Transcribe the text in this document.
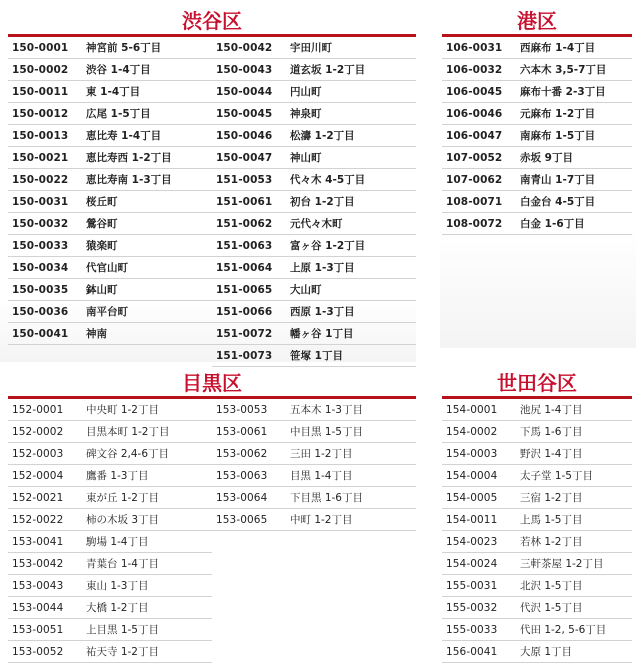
渋谷区
150-0001	神宮前 5-6丁目
150-0002	渋谷 1-4丁目
150-0011	東 1-4丁目
150-0012	広尾 1-5丁目
150-0013	恵比寿 1-4丁目
150-0021	恵比寿西 1-2丁目
150-0022	恵比寿南 1-3丁目
150-0031	桜丘町
150-0032	鶯谷町
150-0033	猿楽町
150-0034	代官山町
150-0035	鉢山町
150-0036	南平台町
150-0041	神南
150-0042	宇田川町
150-0043	道玄坂 1-2丁目
150-0044	円山町
150-0045	神泉町
150-0046	松濤 1-2丁目
150-0047	神山町
151-0053	代々木 4-5丁目
151-0061	初台 1-2丁目
151-0062	元代々木町
151-0063	富ヶ谷 1-2丁目
151-0064	上原 1-3丁目
151-0065	大山町
151-0066	西原 1-3丁目
151-0072	幡ヶ谷 1丁目
151-0073	笹塚 1丁目
港区
106-0031	西麻布 1-4丁目
106-0032	六本木 3,5-7丁目
106-0045	麻布十番 2-3丁目
106-0046	元麻布 1-2丁目
106-0047	南麻布 1-5丁目
107-0052	赤坂 9丁目
107-0062	南青山 1-7丁目
108-0071	白金台 4-5丁目
108-0072	白金 1-6丁目
目黒区
152-0001	中央町 1-2丁目
152-0002	目黒本町 1-2丁目
152-0003	碑文谷 2,4-6丁目
152-0004	鷹番 1-3丁目
152-0021	東が丘 1-2丁目
152-0022	柿の木坂 3丁目
153-0041	駒場 1-4丁目
153-0042	青葉台 1-4丁目
153-0043	東山 1-3丁目
153-0044	大橋 1-2丁目
153-0051	上目黒 1-5丁目
153-0052	祐天寺 1-2丁目
153-0053	五本木 1-3丁目
153-0061	中目黒 1-5丁目
153-0062	三田 1-2丁目
153-0063	目黒 1-4丁目
153-0064	下目黒 1-6丁目
153-0065	中町 1-2丁目
世田谷区
154-0001	池尻 1-4丁目
154-0002	下馬 1-6丁目
154-0003	野沢 1-4丁目
154-0004	太子堂 1-5丁目
154-0005	三宿 1-2丁目
154-0011	上馬 1-5丁目
154-0023	若林 1-2丁目
154-0024	三軒茶屋 1-2丁目
155-0031	北沢 1-5丁目
155-0032	代沢 1-5丁目
155-0033	代田 1-2, 5-6丁目
156-0041	大原 1丁目
